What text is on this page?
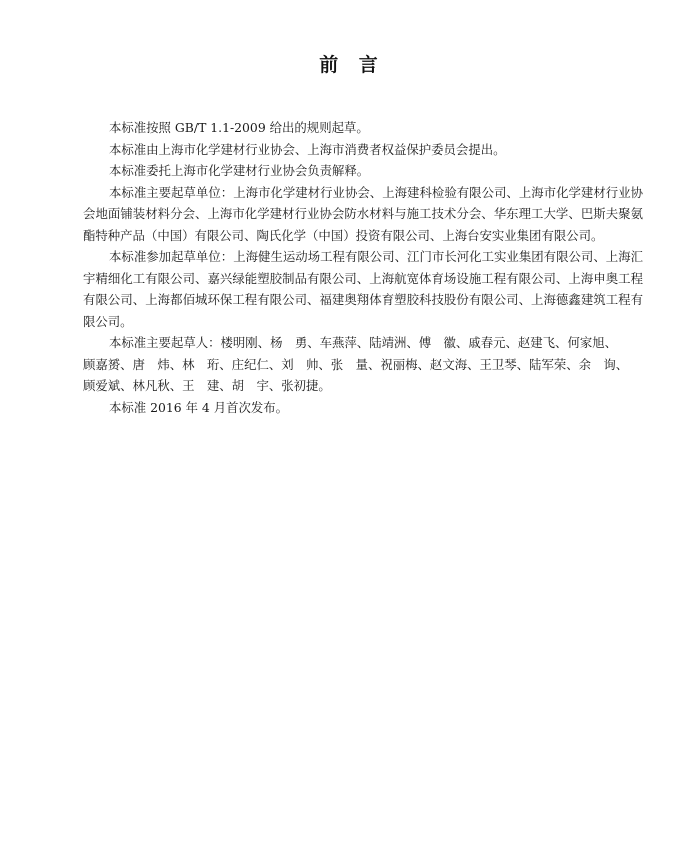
前 言

本标准按照 GB/T 1.1-2009 给出的规则起草。

本标准由上海市化学建材行业协会、上海市消费者权益保护委员会提出。

本标准委托上海市化学建材行业协会负责解释。

本标准主要起草单位：上海市化学建材行业协会、上海建科检验有限公司、上海市化学建材行业协会地面铺装材料分会、上海市化学建材行业协会防水材料与施工技术分会、华东理工大学、巴斯夫聚氨酯特种产品（中国）有限公司、陶氏化学（中国）投资有限公司、上海台安实业集团有限公司。

本标准参加起草单位：上海健生运动场工程有限公司、江门市长河化工实业集团有限公司、上海汇宇精细化工有限公司、嘉兴绿能塑胶制品有限公司、上海航宽体育场设施工程有限公司、上海申奥工程有限公司、上海都佰城环保工程有限公司、福建奥翔体育塑胶科技股份有限公司、上海德鑫建筑工程有限公司。

本标准主要起草人：楼明刚、杨　勇、车燕萍、陆靖洲、傅　徽、戚春元、赵建飞、何家旭、
顾嘉赟、唐　炜、林　珩、庄纪仁、刘　帅、张　量、祝丽梅、赵文海、王卫琴、陆军荣、余　询、
顾爱斌、林凡秋、王　建、胡　宇、张初捷。

本标准 2016 年 4 月首次发布。
